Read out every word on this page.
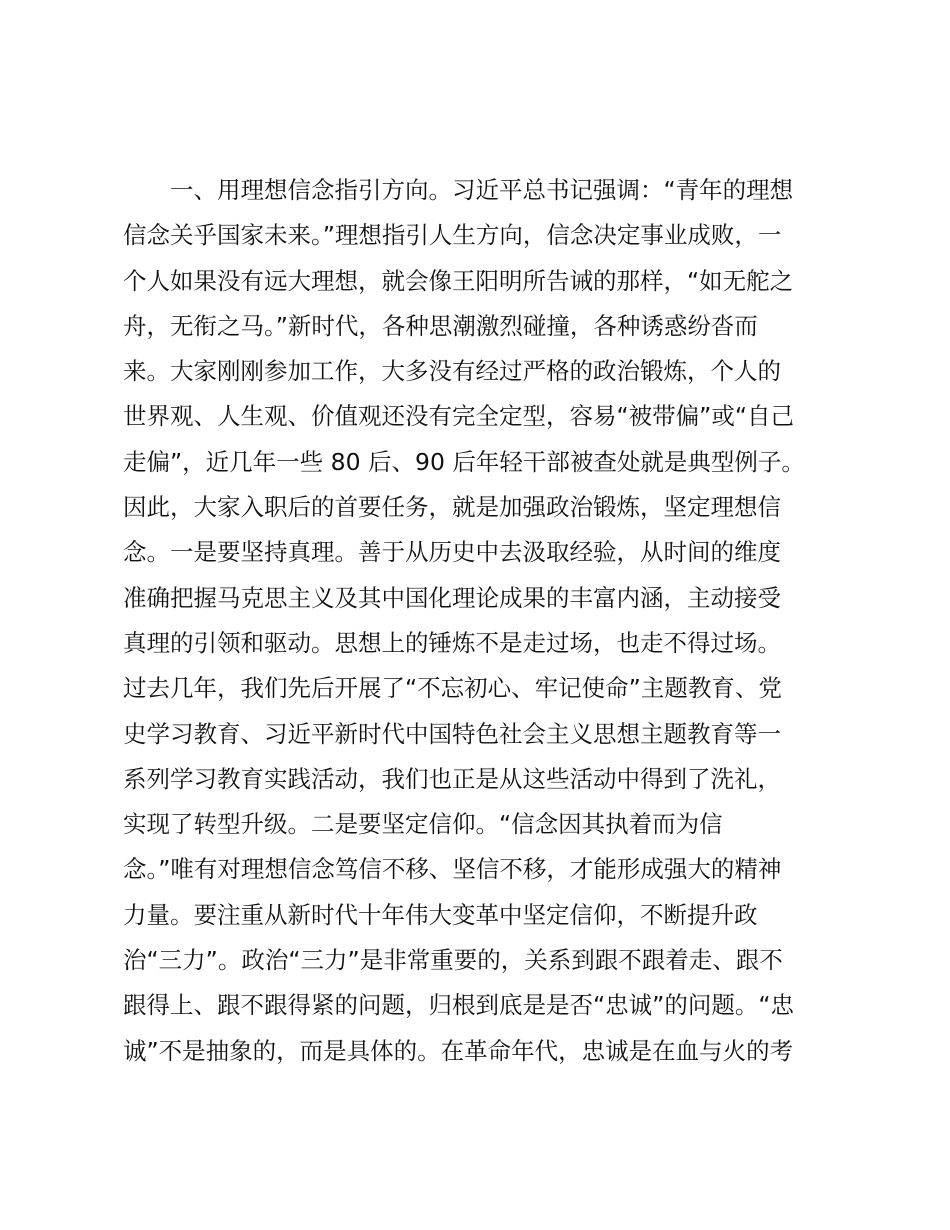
一、用理想信念指引方向。习近平总书记强调：“青年的理想
信念关乎国家未来。”理想指引人生方向，信念决定事业成败，一
个人如果没有远大理想，就会像王阳明所告诫的那样，“如无舵之
舟，无衔之马。”新时代，各种思潮激烈碰撞，各种诱惑纷沓而
来。大家刚刚参加工作，大多没有经过严格的政治锻炼，个人的
世界观、人生观、价值观还没有完全定型，容易“被带偏”或“自己
走偏”，近几年一些 80 后、90 后年轻干部被查处就是典型例子。
因此，大家入职后的首要任务，就是加强政治锻炼，坚定理想信
念。一是要坚持真理。善于从历史中去汲取经验，从时间的维度
准确把握马克思主义及其中国化理论成果的丰富内涵，主动接受
真理的引领和驱动。思想上的锤炼不是走过场，也走不得过场。
过去几年，我们先后开展了“不忘初心、牢记使命”主题教育、党
史学习教育、习近平新时代中国特色社会主义思想主题教育等一
系列学习教育实践活动，我们也正是从这些活动中得到了洗礼，
实现了转型升级。二是要坚定信仰。“信念因其执着而为信
念。”唯有对理想信念笃信不移、坚信不移，才能形成强大的精神
力量。要注重从新时代十年伟大变革中坚定信仰，不断提升政
治“三力”。政治“三力”是非常重要的，关系到跟不跟着走、跟不
跟得上、跟不跟得紧的问题，归根到底是是否“忠诚”的问题。“忠
诚”不是抽象的，而是具体的。在革命年代，忠诚是在血与火的考
